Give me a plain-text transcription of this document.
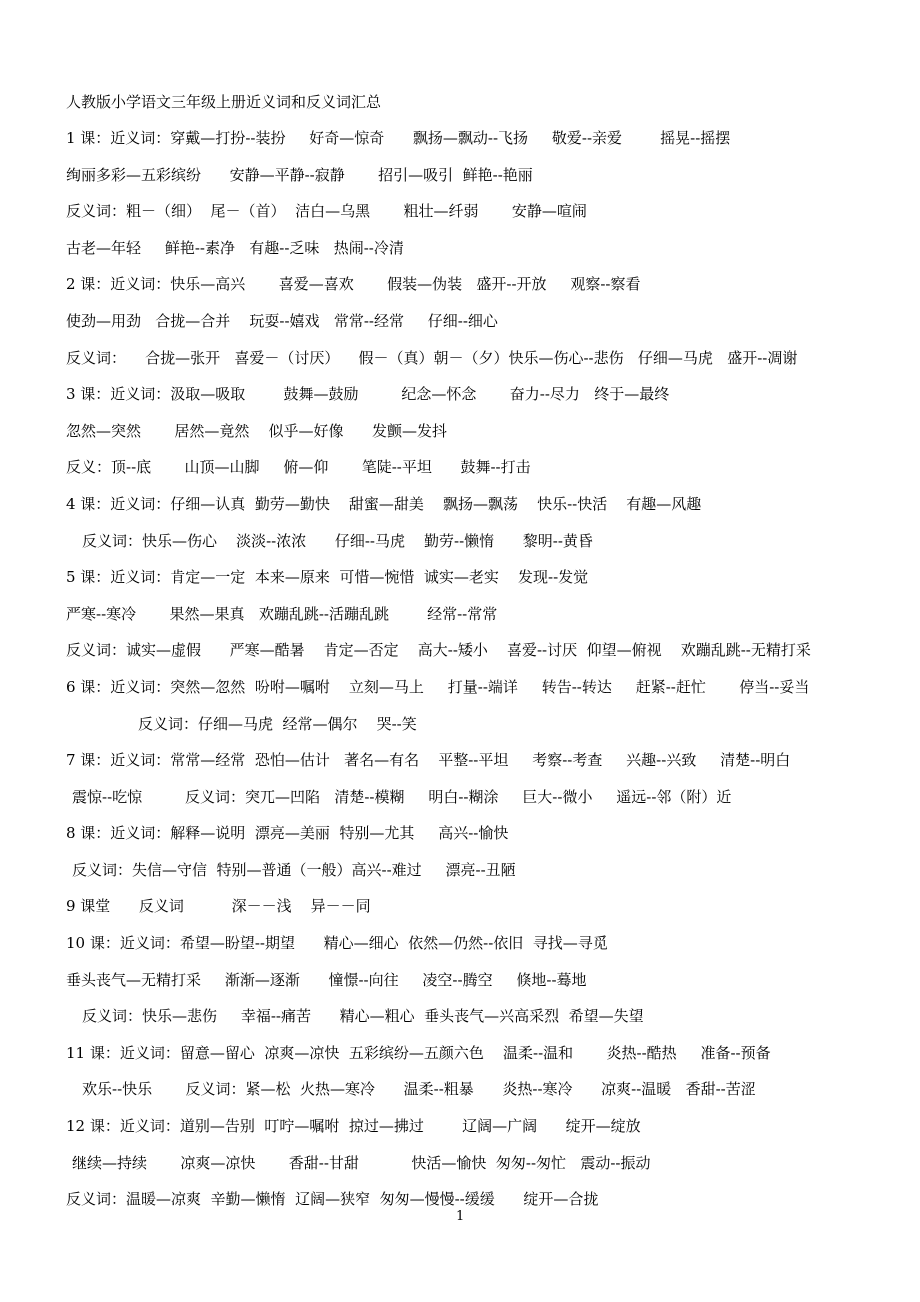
人教版小学语文三年级上册近义词和反义词汇总
1 课：近义词：穿戴—打扮--装扮     好奇—惊奇      飘扬—飘动--飞扬     敬爱--亲爱        摇晃--摇摆
绚丽多彩—五彩缤纷      安静—平静--寂静       招引—吸引  鲜艳--艳丽
反义词：粗－（细）  尾－（首）  洁白—乌黑       粗壮—纤弱       安静—喧闹
古老—年轻     鲜艳--素净   有趣--乏味   热闹--冷清
2 课：近义词：快乐—高兴       喜爱—喜欢       假装—伪装   盛开--开放     观察--察看
使劲—用劲   合拢—合并    玩耍--嬉戏   常常--经常     仔细--细心
反义词：    合拢—张开   喜爱－（讨厌）    假－（真）朝－（夕）快乐—伤心--悲伤   仔细—马虎   盛开--凋谢
3 课：近义词：汲取—吸取        鼓舞—鼓励         纪念—怀念       奋力--尽力   终于—最终
忽然—突然       居然—竟然    似乎—好像      发颤—发抖
反义：顶--底       山顶—山脚     俯—仰       笔陡--平坦      鼓舞--打击
4 课：近义词：仔细—认真  勤劳—勤快    甜蜜—甜美    飘扬—飘荡    快乐--快活    有趣—风趣
反义词：快乐—伤心    淡淡--浓浓      仔细--马虎    勤劳--懒惰      黎明--黄昏
5 课：近义词：肯定—一定  本来—原来  可惜—惋惜  诚实—老实    发现--发觉
严寒--寒冷       果然—果真   欢蹦乱跳--活蹦乱跳        经常--常常
反义词：诚实—虚假      严寒—酷暑    肯定—否定    高大--矮小    喜爱--讨厌  仰望—俯视    欢蹦乱跳--无精打采
6 课：近义词：突然—忽然  吩咐—嘱咐    立刻—马上     打量--端详     转告--转达     赶紧--赶忙       停当--妥当
反义词：仔细—马虎  经常—偶尔    哭--笑
7 课：近义词：常常—经常  恐怕—估计   著名—有名    平整--平坦     考察--考查     兴趣--兴致     清楚--明白
震惊--吃惊         反义词：突兀—凹陷   清楚--模糊     明白--糊涂     巨大--微小     遥远--邻（附）近
8 课：近义词：解释—说明  漂亮—美丽  特别—尤其     高兴--愉快
反义词：失信—守信  特别—普通（一般）高兴--难过     漂亮--丑陋
9 课堂      反义词          深－－浅    异－－同
10 课：近义词：希望—盼望--期望      精心—细心  依然—仍然--依旧  寻找—寻觅
垂头丧气—无精打采     渐渐—逐渐      憧憬--向往     凌空--腾空     倏地--蓦地
反义词：快乐—悲伤     幸福--痛苦      精心—粗心  垂头丧气—兴高采烈  希望—失望
11 课：近义词：留意—留心  凉爽—凉快  五彩缤纷—五颜六色    温柔--温和       炎热--酷热     准备--预备
欢乐--快乐       反义词：紧—松  火热—寒冷      温柔--粗暴      炎热--寒冷      凉爽--温暖   香甜--苦涩
12 课：近义词：道别—告别  叮咛—嘱咐  掠过—拂过        辽阔—广阔      绽开—绽放
继续—持续       凉爽—凉快       香甜--甘甜           快活—愉快  匆匆--匆忙   震动--振动
反义词：温暖—凉爽  辛勤—懒惰  辽阔—狭窄  匆匆—慢慢--缓缓      绽开—合拢
1
